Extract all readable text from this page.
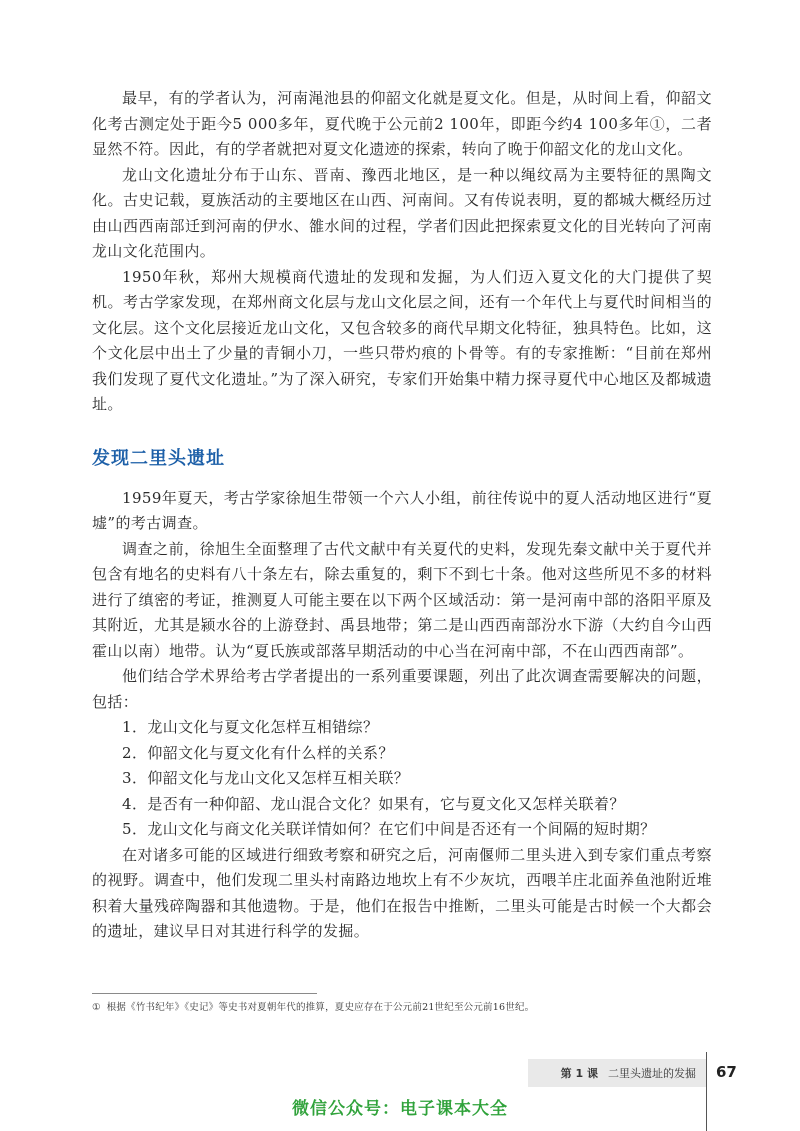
最早，有的学者认为，河南渑池县的仰韶文化就是夏文化。但是，从时间上看，仰韶文化考古测定处于距今5 000多年，夏代晚于公元前2 100年，即距今约4 100多年①，二者显然不符。因此，有的学者就把对夏文化遗迹的探索，转向了晚于仰韶文化的龙山文化。

龙山文化遗址分布于山东、晋南、豫西北地区，是一种以绳纹鬲为主要特征的黑陶文化。古史记载，夏族活动的主要地区在山西、河南间。又有传说表明，夏的都城大概经历过由山西西南部迁到河南的伊水、雒水间的过程，学者们因此把探索夏文化的目光转向了河南龙山文化范围内。

1950年秋，郑州大规模商代遗址的发现和发掘，为人们迈入夏文化的大门提供了契机。考古学家发现，在郑州商文化层与龙山文化层之间，还有一个年代上与夏代时间相当的文化层。这个文化层接近龙山文化，又包含较多的商代早期文化特征，独具特色。比如，这个文化层中出土了少量的青铜小刀，一些只带灼痕的卜骨等。有的专家推断：“目前在郑州我们发现了夏代文化遗址。”为了深入研究，专家们开始集中精力探寻夏代中心地区及都城遗址。

发现二里头遗址

1959年夏天，考古学家徐旭生带领一个六人小组，前往传说中的夏人活动地区进行“夏墟”的考古调查。

调查之前，徐旭生全面整理了古代文献中有关夏代的史料，发现先秦文献中关于夏代并包含有地名的史料有八十条左右，除去重复的，剩下不到七十条。他对这些所见不多的材料进行了缜密的考证，推测夏人可能主要在以下两个区域活动：第一是河南中部的洛阳平原及其附近，尤其是颍水谷的上游登封、禹县地带；第二是山西西南部汾水下游（大约自今山西霍山以南）地带。认为“夏氏族或部落早期活动的中心当在河南中部，不在山西西南部”。

他们结合学术界给考古学者提出的一系列重要课题，列出了此次调查需要解决的问题，包括：

1．龙山文化与夏文化怎样互相错综？
2．仰韶文化与夏文化有什么样的关系？
3．仰韶文化与龙山文化又怎样互相关联？
4．是否有一种仰韶、龙山混合文化？如果有，它与夏文化又怎样关联着？
5．龙山文化与商文化关联详情如何？在它们中间是否还有一个间隔的短时期？

在对诸多可能的区域进行细致考察和研究之后，河南偃师二里头进入到专家们重点考察的视野。调查中，他们发现二里头村南路边地坎上有不少灰坑，西喂羊庄北面养鱼池附近堆积着大量残碎陶器和其他遗物。于是，他们在报告中推断，二里头可能是古时候一个大都会的遗址，建议早日对其进行科学的发掘。

① 根据《竹书纪年》《史记》等史书对夏朝年代的推算，夏史应存在于公元前21世纪至公元前16世纪。
第 1 课 二里头遗址的发掘 67
微信公众号：电子课本大全
